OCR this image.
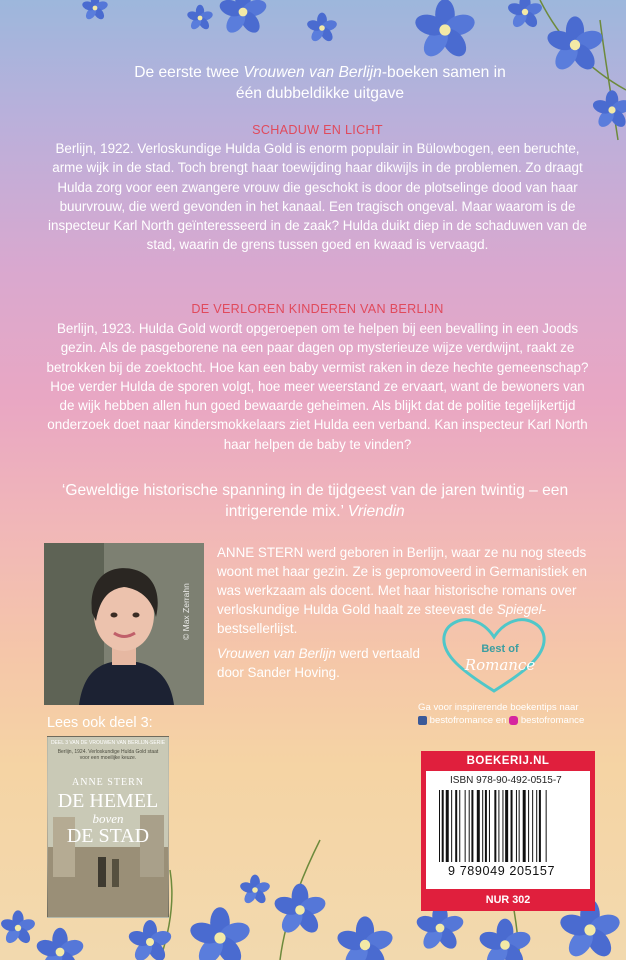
De eerste twee Vrouwen van Berlijn-boeken samen in
één dubbeldikke uitgave
SCHADUW EN LICHT
Berlijn, 1922. Verloskundige Hulda Gold is enorm populair in Bülowbogen, een beruchte, arme wijk in de stad. Toch brengt haar toewijding haar dikwijls in de problemen. Zo draagt Hulda zorg voor een zwangere vrouw die geschokt is door de plotselinge dood van haar buurvrouw, die werd gevonden in het kanaal. Een tragisch ongeval. Maar waarom is de inspecteur Karl North geïnteresseerd in de zaak? Hulda duikt diep in de schaduwen van de stad, waarin de grens tussen goed en kwaad is vervaagd.
DE VERLOREN KINDEREN VAN BERLIJN
Berlijn, 1923. Hulda Gold wordt opgeroepen om te helpen bij een bevalling in een Joods gezin. Als de pasgeborene na een paar dagen op mysterieuze wijze verdwijnt, raakt ze betrokken bij de zoektocht. Hoe kan een baby vermist raken in deze hechte gemeenschap? Hoe verder Hulda de sporen volgt, hoe meer weerstand ze ervaart, want de bewoners van de wijk hebben allen hun goed bewaarde geheimen. Als blijkt dat de politie tegelijkertijd onderzoek doet naar kindersmokkelaars ziet Hulda een verband. Kan inspecteur Karl North haar helpen de baby te vinden?
‘Geweldige historische spanning in de tijdgeest van de jaren twintig – een intrigerende mix.’ Vriendin
© Max Zerrahn
ANNE STERN werd geboren in Berlijn, waar ze nu nog steeds woont met haar gezin. Ze is gepromoveerd in Germanistiek en was werkzaam als docent. Met haar historische romans over verloskundige Hulda Gold haalt ze steevast de Spiegel-bestsellerlijst.
Vrouwen van Berlijn werd vertaald door Sander Hoving.
Lees ook deel 3:
DEEL 3 VAN DE VROUWEN VAN BERLIJN-SERIE
Berlijn, 1924. Verloskundige Hulda Gold staat voor een moeilijke keuze.
ANNE STERN
DE HEMEL
boven
DE STAD
Best of
Romance
Ga voor inspirerende boekentips naar
bestofromance en  bestofromance
BOEKERIJ.NL
ISBN 978-90-492-0515-7
9 789049 205157
NUR 302
